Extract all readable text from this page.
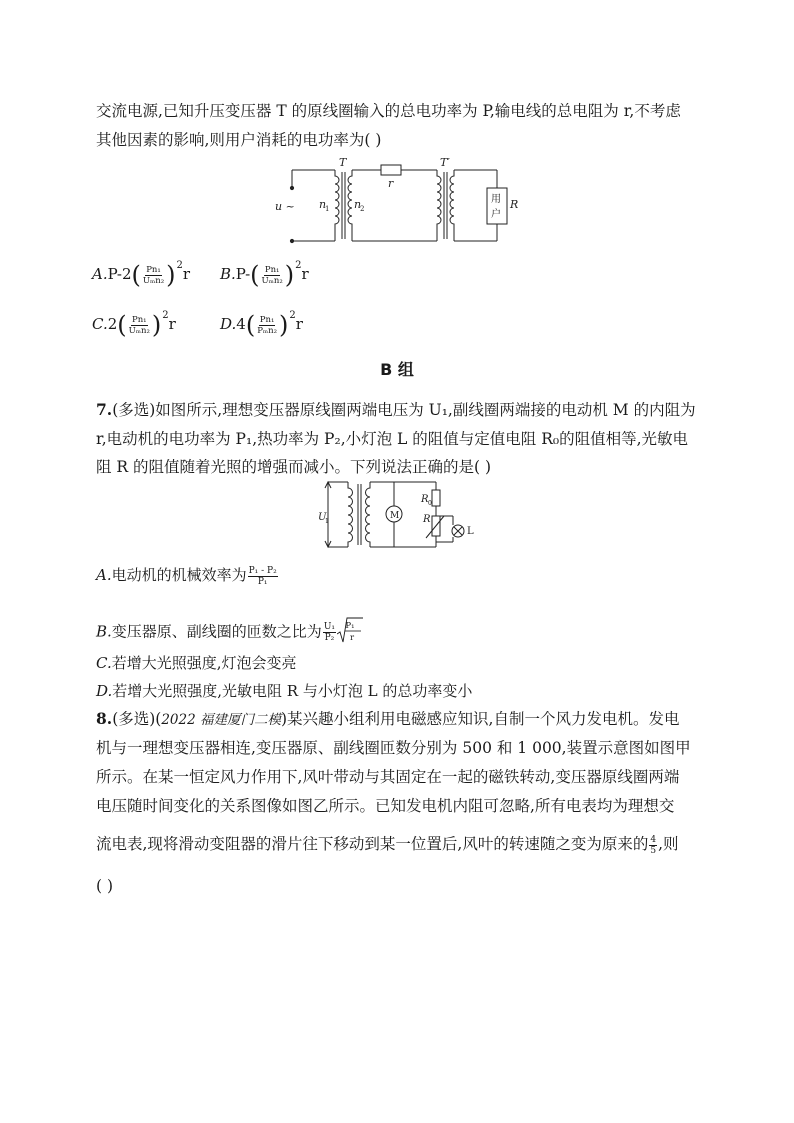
交流电源,已知升压变压器 T 的原线圈输入的总电功率为 P,输电线的总电阻为 r,不考虑
其他因素的影响,则用户消耗的电功率为( )
T	T′
r
u ~ n
1 n
2
用
户
R
$A.P-2( \frac{\text{Pn₁}}{\text{Uₘn₂}} )^2r$ $B.P-( \frac{\text{Pn₁}}{\text{Uₘn₂}} )^2r$
$C.2( \frac{\text{Pn₁}}{\text{Uₘn₂}} )^2r$	$D.4( \frac{\text{Pn₁}}{\text{Pₘn₂}} )^2r$
B 组
7.(多选)如图所示,理想变压器原线圈两端电压为 U₁,副线圈两端接的电动机 M 的内阻为
r,电动机的电功率为 P₁,热功率为 P₂,小灯泡 L 的阻值与定值电阻 R₀的阻值相等,光敏电
阻 R 的阻值随着光照的增强而减小。下列说法正确的是( )
U
1
M
R 0
R
L
A.电动机的机械效率为 $\frac{\text{P₁ - P₂}}{\text{P₁}}$
B.变压器原、副线圈的匝数之比为 $\frac{\text{U₁}}{\text{P₂}} P_1$
r
C.若增大光照强度,灯泡会变亮
D.若增大光照强度,光敏电阻 R 与小灯泡 L 的总功率变小
8.(多选)(2022 福建厦门二模)某兴趣小组利用电磁感应知识,自制一个风力发电机。发电
机与一理想变压器相连,变压器原、副线圈匝数分别为 500 和 1 000,装置示意图如图甲
所示。在某一恒定风力作用下,风叶带动与其固定在一起的磁铁转动,变压器原线圈两端
电压随时间变化的关系图像如图乙所示。已知发电机内阻可忽略,所有电表均为理想交
流电表,现将滑动变阻器的滑片往下移动到某一位置后,风叶的转速随之变为原来的 $\frac{4}{5}$ ,则
( )
